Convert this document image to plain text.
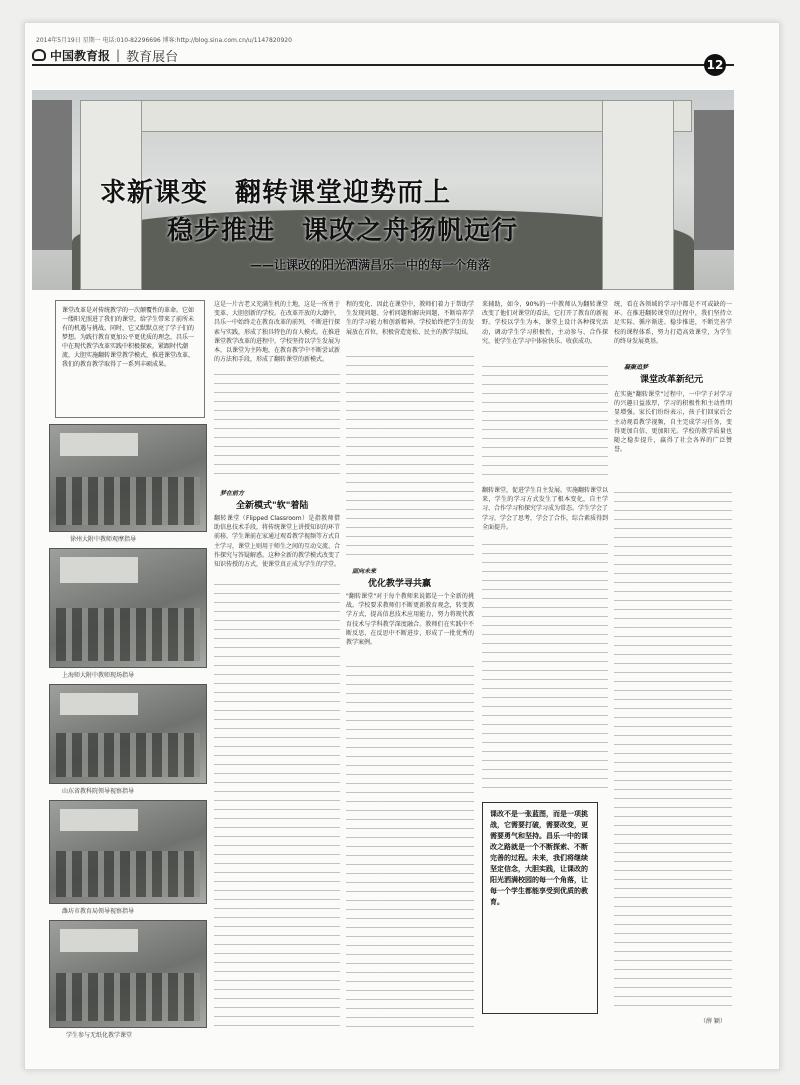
2014年5月19日 星期一 电话:010-82296696 博客:http://blog.sina.com.cn/u/1147820920
中国教育报 | 教育展台
12
求新课变　翻转课堂迎势而上
稳步推进　课改之舟扬帆远行
——让课改的阳光洒满昌乐一中的每一个角落
课堂改革是对传统教学的一次颠覆性的革命。它如一缕阳光照进了我们的课堂，给学生带来了前所未有的机遇与挑战。同时，它又默默点亮了学子们的梦想。为践行教育更加公平更优质的理念，昌乐一中在现代教学改革实践中积极探索，紧跟时代潮流，大胆实施翻转课堂教学模式，推进课堂改革，我们的教育教学取得了一系列丰硕成果。
徐州大附中教师观摩指导
上海师大附中教师现场指导
山东省教科院领导视察指导
潍坊市教育局领导视察指导
学生参与无纸化教学课堂
这是一片古老又充满生机的土地，这是一所勇于变革、大胆创新的学校。在改革开放的大潮中，昌乐一中始终走在教育改革的前列，不断进行探索与实践，形成了独具特色的育人模式。在推进课堂教学改革的进程中，学校坚持以学生发展为本，以课堂为主阵地，在教育教学中不断尝试新的方法和手段，形成了翻转课堂的新模式。
梦在前方
全新模式"软"着陆
翻转课堂（Flipped Classroom）是指教师借助信息技术手段，将传统课堂上讲授知识的环节前移，学生课前在家通过观看教学视频等方式自主学习，课堂上则用于师生之间的互动交流、合作探究与答疑解惑。这种全新的教学模式改变了知识传授的方式，使课堂真正成为学生的学堂。
程的变化、因此在课堂中，教师们着力于帮助学生发现问题、分析问题和解决问题，不断培养学生的学习能力和创新精神。学校始终把学生的发展放在首位，积极营造宽松、民主的教学氛围。
面向未来
优化教学寻共赢
"翻转课堂"对于每个教师来说都是一个全新的挑战。学校要求教师们不断更新教育观念，转变教学方式，提高信息技术应用能力，努力将现代教育技术与学科教学深度融合。教师们在实践中不断反思，在反思中不断进步，形成了一批优秀的教学案例。
来辅助，如今，90%的一中教师认为翻转课堂改变了他们对课堂的看法，它打开了教育的新视野。学校以学生为本，课堂上设计各种探究活动，调动学生学习积极性，主动参与、合作探究，使学生在学习中体验快乐、收获成功。
翻转课堂，促进学生自主发展。实施翻转课堂以来，学生的学习方式发生了根本变化，自主学习、合作学习和探究学习成为常态。学生学会了学习，学会了思考，学会了合作，综合素质得到全面提升。
课改不是一张蓝图，而是一项挑战，它需要打破，需要改变，更需要勇气和坚持。昌乐一中的课改之路就是一个不断探索、不断完善的过程。未来，我们将继续坚定信念，大胆实践，让课改的阳光洒满校园的每一个角落，让每一个学生都能享受到优质的教育。
统、看在各领域的学习中都是不可或缺的一环。在推进翻转课堂的过程中，我们坚持立足实际、循序渐进、稳步推进，不断完善学校的课程体系，努力打造高效课堂，为学生的终身发展奠基。
凝聚追梦
课堂改革新纪元
在实施"翻转课堂"过程中，一中学子对学习的兴趣日益浓厚，学习的积极性和主动性明显增强。家长们纷纷表示，孩子们回家后会主动观看教学视频，自主完成学习任务，变得更加自信、更加阳光。学校的教学质量也随之稳步提升，赢得了社会各界的广泛赞誉。
（薛 颖）
